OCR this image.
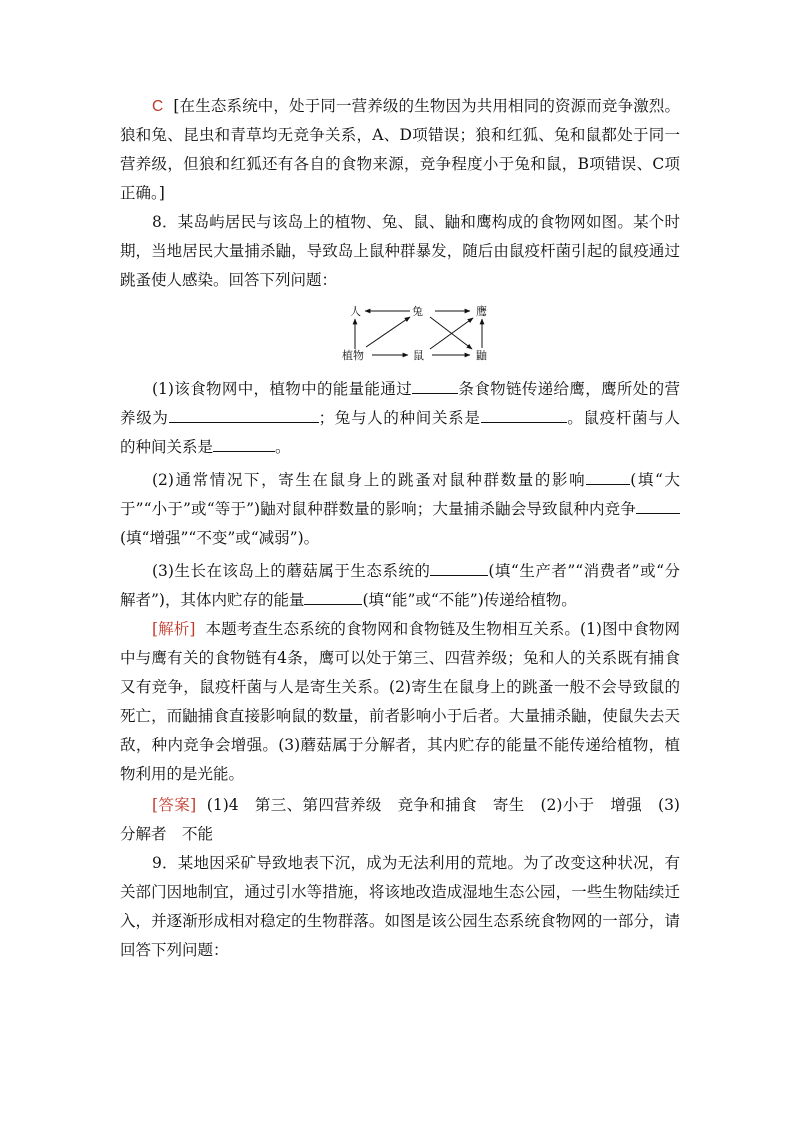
C [在生态系统中，处于同一营养级的生物因为共用相同的资源而竞争激烈。狼和兔、昆虫和青草均无竞争关系，A、D项错误；狼和红狐、兔和鼠都处于同一营养级，但狼和红狐还有各自的食物来源，竞争程度小于兔和鼠，B项错误、C项正确。]

8．某岛屿居民与该岛上的植物、兔、鼠、鼬和鹰构成的食物网如图。某个时期，当地居民大量捕杀鼬，导致岛上鼠种群暴发，随后由鼠疫杆菌引起的鼠疫通过跳蚤使人感染。回答下列问题：

人	兔	鹰
植物	鼠	鼬

(1)该食物网中，植物中的能量能通过	条食物链传递给鹰，鹰所处的营养级为	；兔与人的种间关系是	。鼠疫杆菌与人的种间关系是	。

(2)通常情况下，寄生在鼠身上的跳蚤对鼠种群数量的影响	(填“大于”“小于”或“等于”)鼬对鼠种群数量的影响；大量捕杀鼬会导致鼠种内竞争(填“增强”“不变”或“减弱”)。

(3)生长在该岛上的蘑菇属于生态系统的	(填“生产者”“消费者”或“分解者”)，其体内贮存的能量	(填“能”或“不能”)传递给植物。

[解析] 本题考查生态系统的食物网和食物链及生物相互关系。(1)图中食物网中与鹰有关的食物链有4条，鹰可以处于第三、四营养级；兔和人的关系既有捕食又有竞争，鼠疫杆菌与人是寄生关系。(2)寄生在鼠身上的跳蚤一般不会导致鼠的死亡，而鼬捕食直接影响鼠的数量，前者影响小于后者。大量捕杀鼬，使鼠失去天敌，种内竞争会增强。(3)蘑菇属于分解者，其内贮存的能量不能传递给植物，植物利用的是光能。

[答案] (1)4　第三、第四营养级　竞争和捕食　寄生　(2)小于　增强　(3)分解者　不能

9．某地因采矿导致地表下沉，成为无法利用的荒地。为了改变这种状况，有关部门因地制宜，通过引水等措施，将该地改造成湿地生态公园，一些生物陆续迁入，并逐渐形成相对稳定的生物群落。如图是该公园生态系统食物网的一部分，请回答下列问题：
